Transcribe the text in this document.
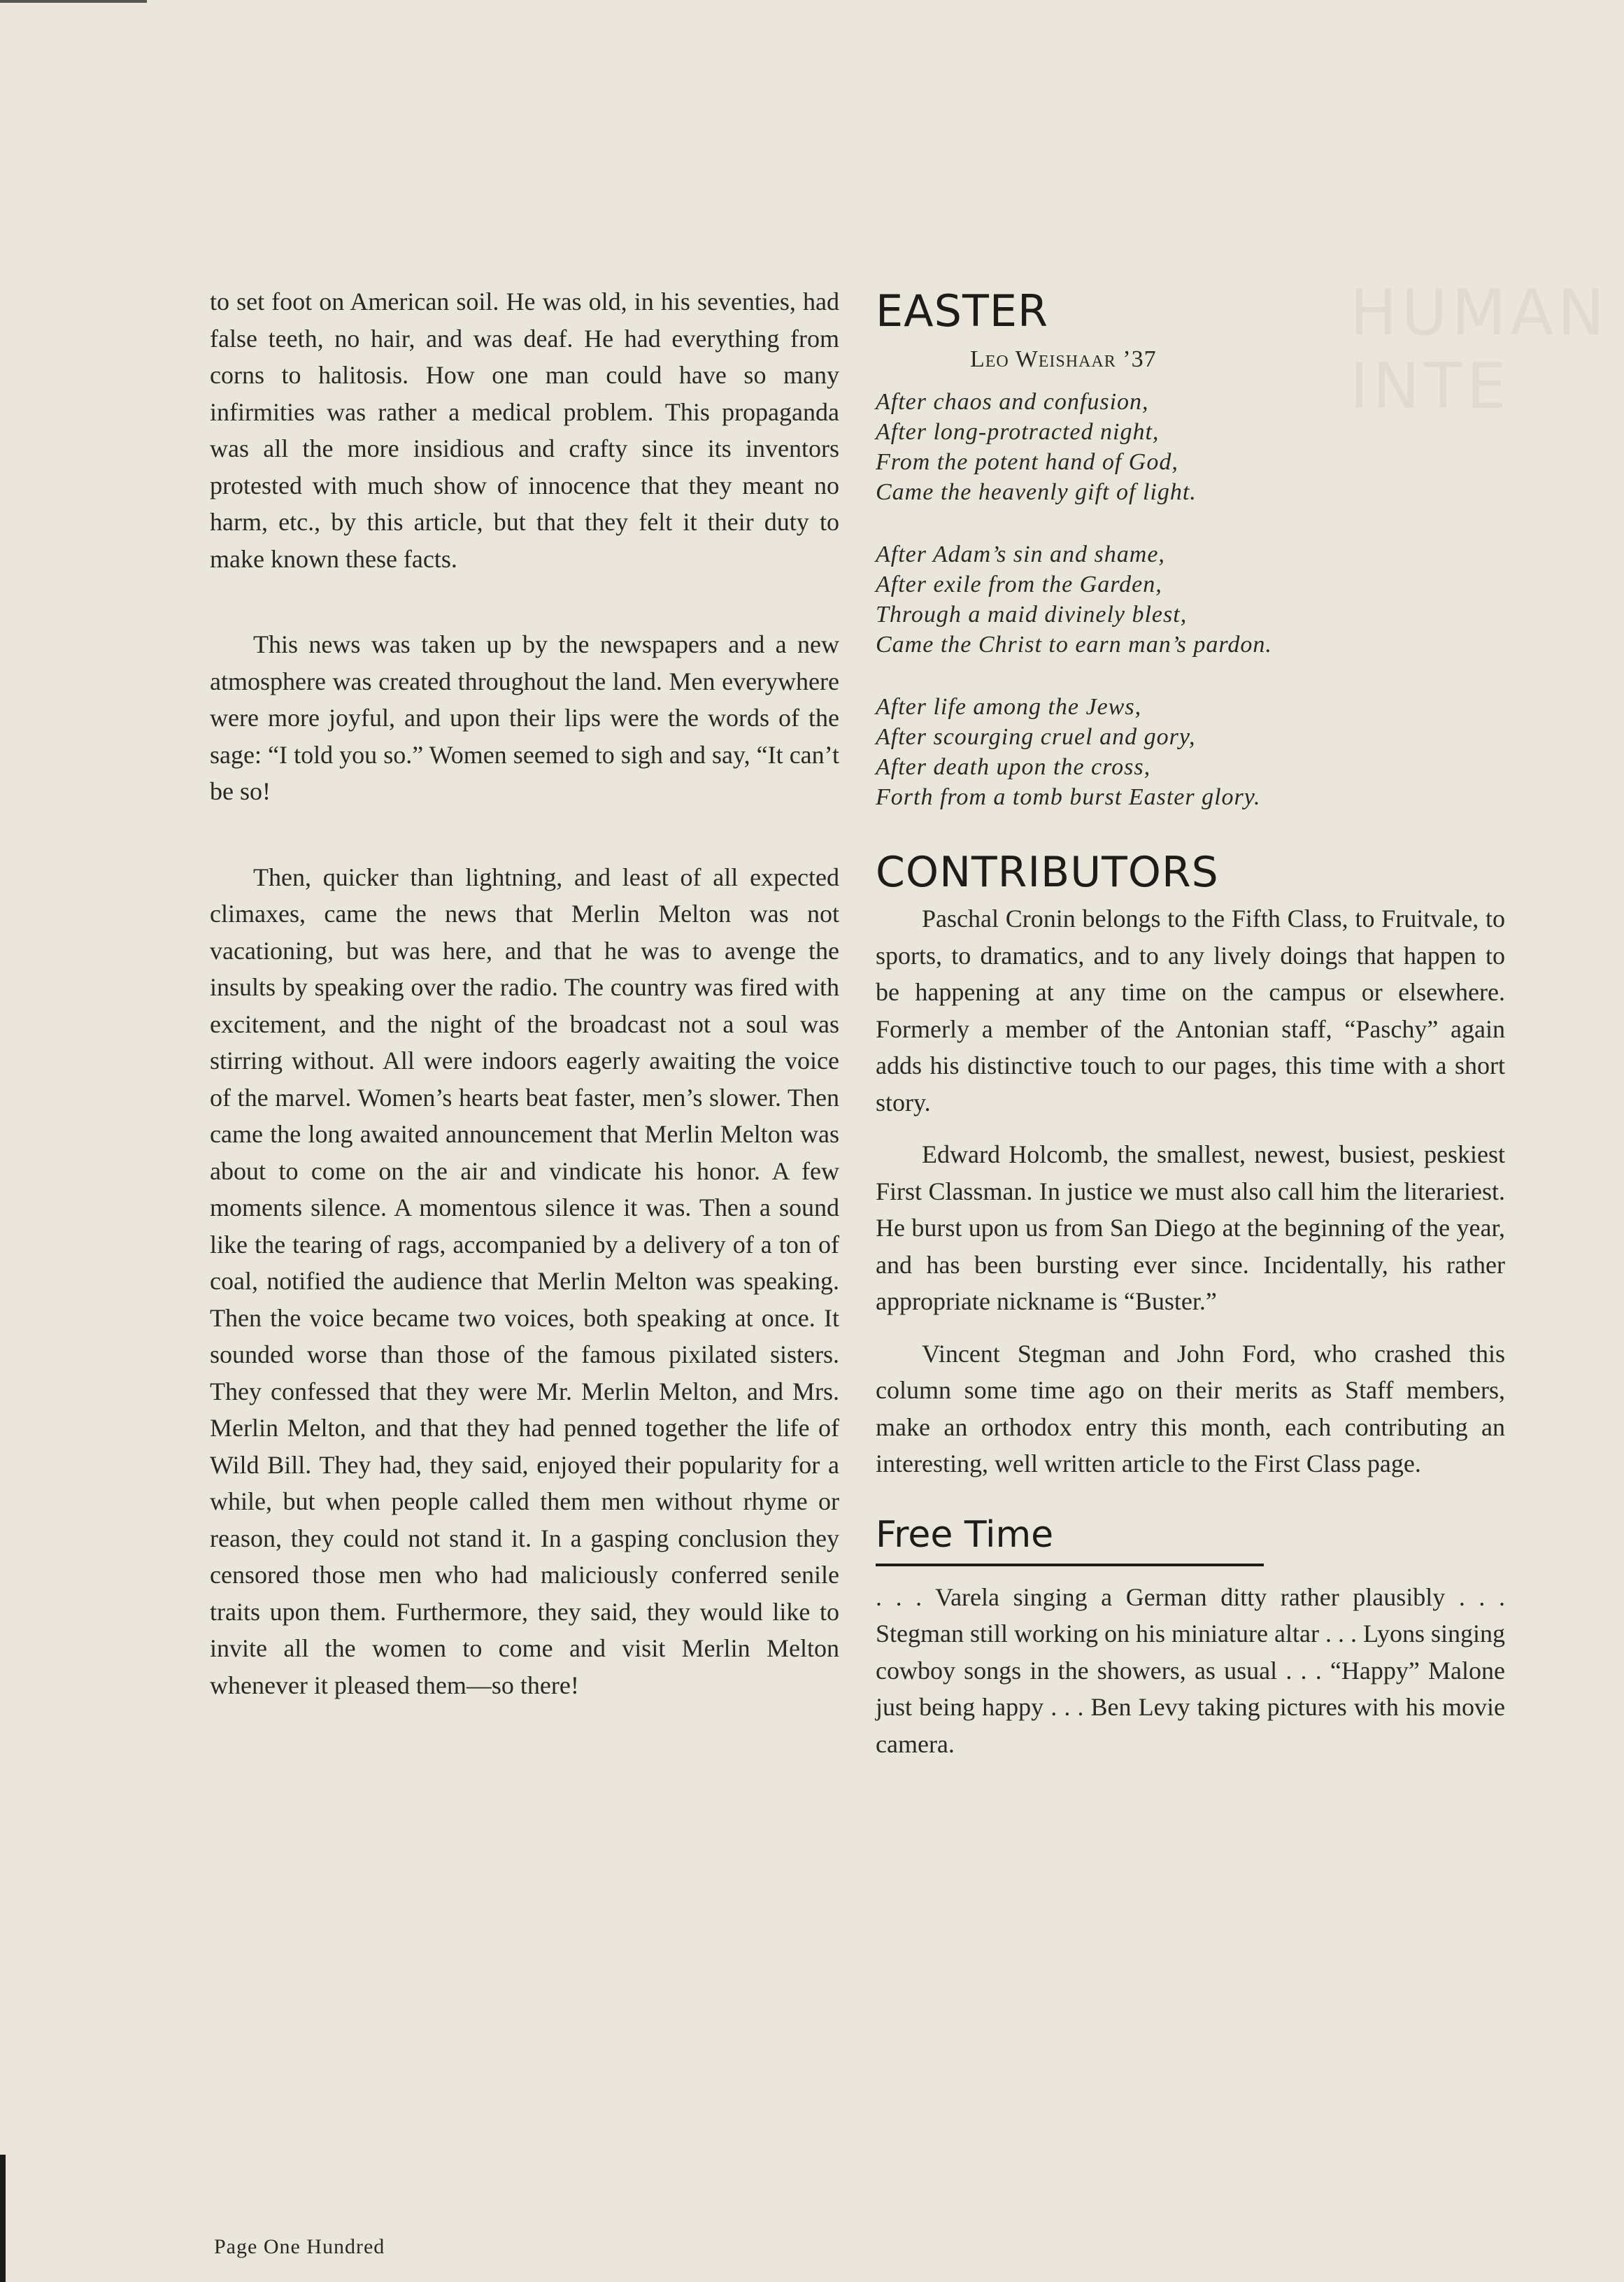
HUMAN INTE

to set foot on American soil. He was old, in his seventies, had false teeth, no hair, and was deaf. He had everything from corns to halitosis. How one man could have so many infirmities was rather a medical problem. This propaganda was all the more insidious and crafty since its inventors protested with much show of innocence that they meant no harm, etc., by this article, but that they felt it their duty to make known these facts.

This news was taken up by the newspapers and a new atmosphere was created throughout the land. Men everywhere were more joyful, and upon their lips were the words of the sage: “I told you so.” Women seemed to sigh and say, “It can’t be so!

Then, quicker than lightning, and least of all expected climaxes, came the news that Merlin Melton was not vacationing, but was here, and that he was to avenge the insults by speaking over the radio. The country was fired with excitement, and the night of the broadcast not a soul was stirring without. All were indoors eagerly awaiting the voice of the marvel. Women’s hearts beat faster, men’s slower. Then came the long awaited announcement that Merlin Melton was about to come on the air and vindicate his honor. A few moments silence. A momentous silence it was. Then a sound like the tearing of rags, accompanied by a delivery of a ton of coal, notified the audience that Merlin Melton was speaking. Then the voice became two voices, both speaking at once. It sounded worse than those of the famous pixilated sisters. They confessed that they were Mr. Merlin Melton, and Mrs. Merlin Melton, and that they had penned together the life of Wild Bill. They had, they said, enjoyed their popularity for a while, but when people called them men without rhyme or reason, they could not stand it. In a gasping conclusion they censored those men who had maliciously conferred senile traits upon them. Furthermore, they said, they would like to invite all the women to come and visit Merlin Melton whenever it pleased them—so there!

EASTER
Leo Weishaar ’37
After chaos and confusion,
After long-protracted night,
From the potent hand of God,
Came the heavenly gift of light.
After Adam’s sin and shame,
After exile from the Garden,
Through a maid divinely blest,
Came the Christ to earn man’s pardon.
After life among the Jews,
After scourging cruel and gory,
After death upon the cross,
Forth from a tomb burst Easter glory.
CONTRIBUTORS

Paschal Cronin belongs to the Fifth Class, to Fruitvale, to sports, to dramatics, and to any lively doings that happen to be happening at any time on the campus or elsewhere. Formerly a member of the Antonian staff, “Paschy” again adds his distinctive touch to our pages, this time with a short story.

Edward Holcomb, the smallest, newest, busiest, peskiest First Classman. In justice we must also call him the literariest. He burst upon us from San Diego at the beginning of the year, and has been bursting ever since. Incidentally, his rather appropriate nickname is “Buster.”

Vincent Stegman and John Ford, who crashed this column some time ago on their merits as Staff members, make an orthodox entry this month, each contributing an interesting, well written article to the First Class page.

Free Time

. . . Varela singing a German ditty rather plausibly . . . Stegman still working on his miniature altar . . . Lyons singing cowboy songs in the showers, as usual . . . “Happy” Malone just being happy . . . Ben Levy taking pictures with his movie camera.

Page One Hundred
